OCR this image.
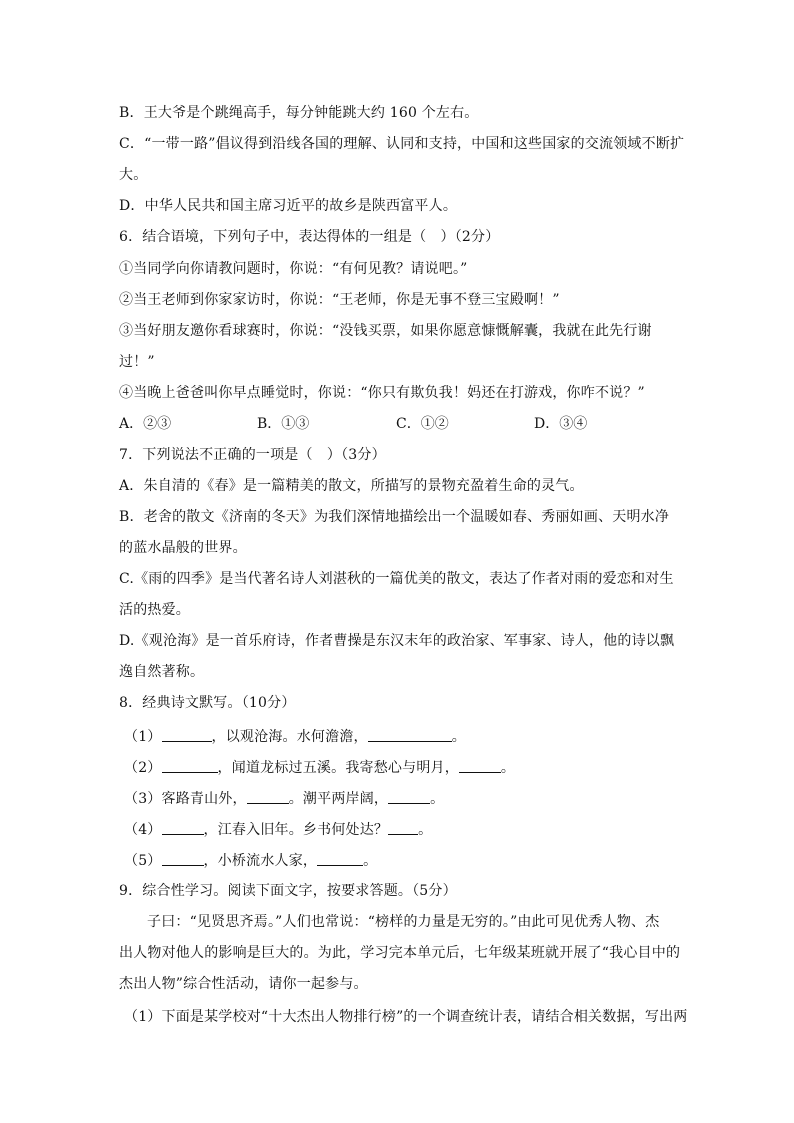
B．王大爷是个跳绳高手，每分钟能跳大约 160 个左右。
C．“一带一路”倡议得到沿线各国的理解、认同和支持，中国和这些国家的交流领域不断扩
大。
D．中华人民共和国主席习近平的故乡是陕西富平人。
6．结合语境，下列句子中，表达得体的一组是（　）（2分）
①当同学向你请教问题时，你说：“有何见教？请说吧。”
②当王老师到你家家访时，你说：“王老师，你是无事不登三宝殿啊！”
③当好朋友邀你看球赛时，你说：“没钱买票，如果你愿意慷慨解囊，我就在此先行谢
过！”
④当晚上爸爸叫你早点睡觉时，你说：“你只有欺负我！妈还在打游戏，你咋不说？”
A．②③	B．①③	C．①②	D．③④
7．下列说法不正确的一项是（　）（3分）
A．朱自清的《春》是一篇精美的散文，所描写的景物充盈着生命的灵气。
B．老舍的散文《济南的冬天》为我们深情地描绘出一个温暖如春、秀丽如画、天明水净
的蓝水晶般的世界。
C.《雨的四季》是当代著名诗人刘湛秋的一篇优美的散文，表达了作者对雨的爱恋和对生
活的热爱。
D.《观沧海》是一首乐府诗，作者曹操是东汉末年的政治家、军事家、诗人，他的诗以飘
逸自然著称。
8．经典诗文默写。（10分）
（1）	，以观沧海。水何澹澹，	。
（2）	，闻道龙标过五溪。我寄愁心与明月，	。
（3）客路青山外，	。潮平两岸阔，	。
（4）	，江春入旧年。乡书何处达？ 。
（5）	，小桥流水人家，	。
9．综合性学习。阅读下面文字，按要求答题。（5分）
子曰：“见贤思齐焉。”人们也常说：“榜样的力量是无穷的。”由此可见优秀人物、杰
出人物对他人的影响是巨大的。为此，学习完本单元后，七年级某班就开展了“我心目中的
杰出人物”综合性活动，请你一起参与。
（1）下面是某学校对“十大杰出人物排行榜”的一个调查统计表，请结合相关数据，写出两
